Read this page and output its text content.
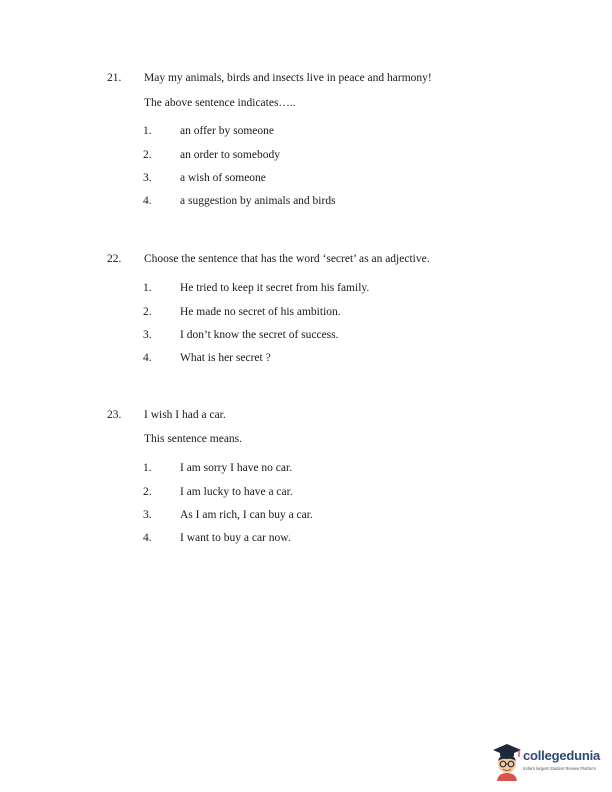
21. May my animals, birds and insects live in peace and harmony!
The above sentence indicates…..
1. an offer by someone
2. an order to somebody
3. a wish of someone
4. a suggestion by animals and birds
22. Choose the sentence that has the word ‘secret’ as an adjective.
1. He tried to keep it secret from his family.
2. He made no secret of his ambition.
3. I don’t know the secret of success.
4. What is her secret ?
23. I wish I had a car.
This sentence means.
1. I am sorry I have no car.
2. I am lucky to have a car.
3. As I am rich, I can buy a car.
4. I want to buy a car now.
collegedunia
India's largest Student Review Platform
